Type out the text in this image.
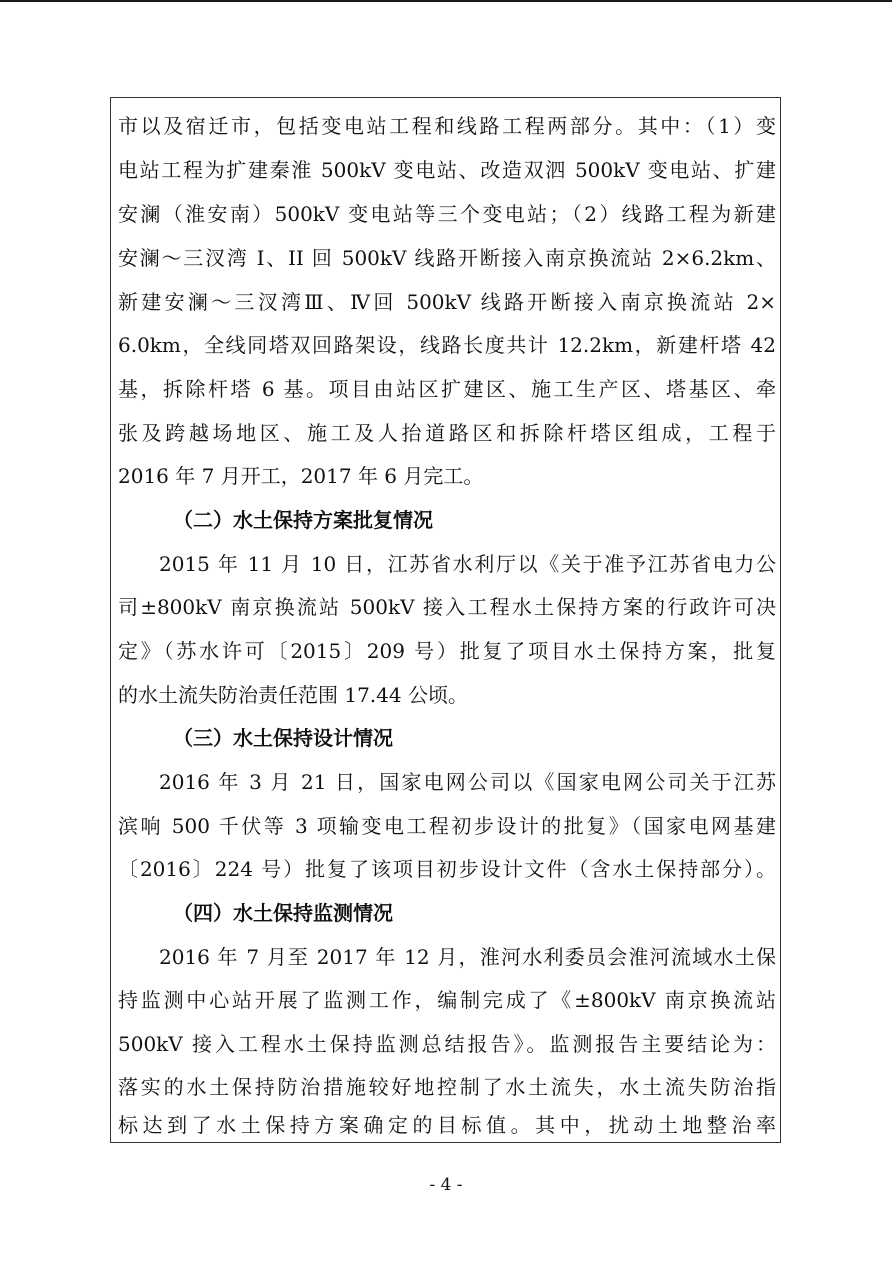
市以及宿迁市，包括变电站工程和线路工程两部分。其中：（1）变
电站工程为扩建秦淮 500kV 变电站、改造双泗 500kV 变电站、扩建
安澜（淮安南）500kV 变电站等三个变电站；（2）线路工程为新建
安澜～三汊湾 I、II 回 500kV 线路开断接入南京换流站 2×6.2km、
新建安澜～三汊湾Ⅲ、Ⅳ回 500kV 线路开断接入南京换流站 2×
6.0km，全线同塔双回路架设，线路长度共计 12.2km，新建杆塔 42
基，拆除杆塔 6 基。项目由站区扩建区、施工生产区、塔基区、牵
张及跨越场地区、施工及人抬道路区和拆除杆塔区组成，工程于
2016 年 7 月开工，2017 年 6 月完工。
（二）水土保持方案批复情况
2015 年 11 月 10 日，江苏省水利厅以《关于准予江苏省电力公
司±800kV 南京换流站 500kV 接入工程水土保持方案的行政许可决
定》（苏水许可〔2015〕209 号）批复了项目水土保持方案，批复
的水土流失防治责任范围 17.44 公顷。
（三）水土保持设计情况
2016 年 3 月 21 日，国家电网公司以《国家电网公司关于江苏
滨响 500 千伏等 3 项输变电工程初步设计的批复》（国家电网基建
〔2016〕224 号）批复了该项目初步设计文件（含水土保持部分）。
（四）水土保持监测情况
2016 年 7 月至 2017 年 12 月，淮河水利委员会淮河流域水土保
持监测中心站开展了监测工作，编制完成了《±800kV 南京换流站
500kV 接入工程水土保持监测总结报告》。监测报告主要结论为：
落实的水土保持防治措施较好地控制了水土流失，水土流失防治指
标达到了水土保持方案确定的目标值。其中，扰动土地整治率
- 4 -
